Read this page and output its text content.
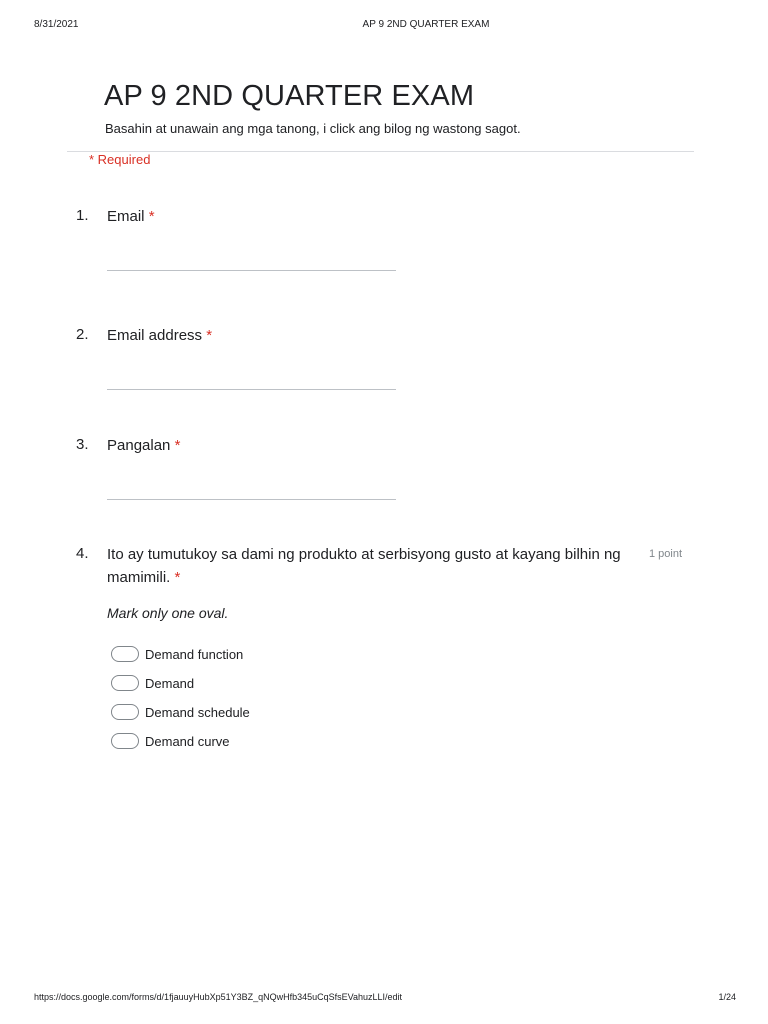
8/31/2021	AP 9 2ND QUARTER EXAM
AP 9 2ND QUARTER EXAM
Basahin at unawain ang mga tanong, i click ang bilog ng wastong sagot.
* Required
1. Email *
2. Email address *
3. Pangalan *
4. Ito ay tumutukoy sa dami ng produkto at serbisyong gusto at kayang bilhin ng mamimili. *
1 point
Mark only one oval.
Demand function
Demand
Demand schedule
Demand curve
https://docs.google.com/forms/d/1fjauuyHubXp51Y3BZ_qNQwHfb345uCqSfsEVahuzLLI/edit	1/24
